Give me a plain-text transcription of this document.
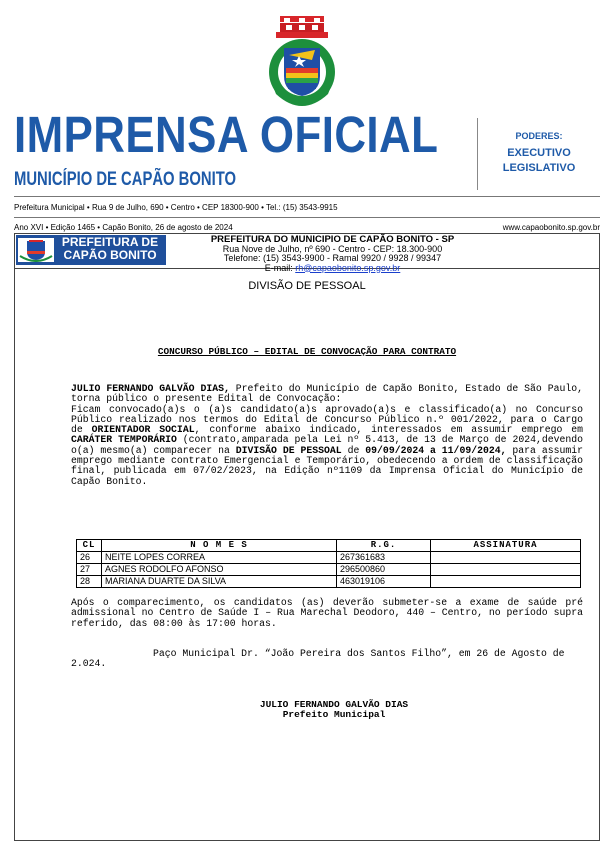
IMPRENSA OFICIAL
MUNICÍPIO DE CAPÃO BONITO
PODERES:
EXECUTIVO
LEGISLATIVO
Prefeitura Municipal • Rua 9 de Julho, 690 • Centro • CEP 18300-900 • Tel.: (15) 3543-9915
Ano XVI • Edição 1465 • Capão Bonito, 26 de agosto de 2024	www.capaobonito.sp.gov.br
PREFEITURA DE
CAPÃO BONITO
PREFEITURA DO MUNICIPIO DE CAPÃO BONITO - SP
Rua Nove de Julho, nº 690 - Centro - CEP: 18.300-900
Telefone: (15) 3543-9900 - Ramal 9920 / 9928 / 99347
E-mail: rh@capaobonito.sp.gov.br
DIVISÃO DE PESSOAL
CONCURSO PÚBLICO – EDITAL DE CONVOCAÇÃO PARA CONTRATO
JULIO FERNANDO GALVÃO DIAS, Prefeito do Município de Capão Bonito, Estado de São Paulo, torna público o presente Edital de Convocação:
Ficam convocado(a)s o (a)s candidato(a)s aprovado(a)s e classificado(a) no Concurso Público realizado nos termos do Edital de Concurso Público n.º 001/2022, para o Cargo de ORIENTADOR SOCIAL, conforme abaixo indicado, interessados em assumir emprego em CARÁTER TEMPORÁRIO (contrato,amparada pela Lei nº 5.413, de 13 de Março de 2024,devendo o(a) mesmo(a) comparecer na DIVISÃO DE PESSOAL de 09/09/2024 a 11/09/2024, para assumir emprego mediante contrato Emergencial e Temporário, obedecendo a ordem de classificação final, publicada em 07/02/2023, na Edição nº1109 da Imprensa Oficial do Município de Capão Bonito.
CL	N O M E S	R.G.	ASSINATURA
26	NEITE LOPES CORREA	267361683	
27	AGNES RODOLFO AFONSO	296500860	
28	MARIANA DUARTE DA SILVA	463019106	
Após o comparecimento, os candidatos (as) deverão submeter-se a exame de saúde pré admissional no Centro de Saúde I – Rua Marechal Deodoro, 440 – Centro, no período supra referido, das 08:00 às 17:00 horas.
Paço Municipal Dr. “João Pereira dos Santos Filho”, em 26 de Agosto de 2.024.
JULIO FERNANDO GALVÃO DIAS
Prefeito Municipal
